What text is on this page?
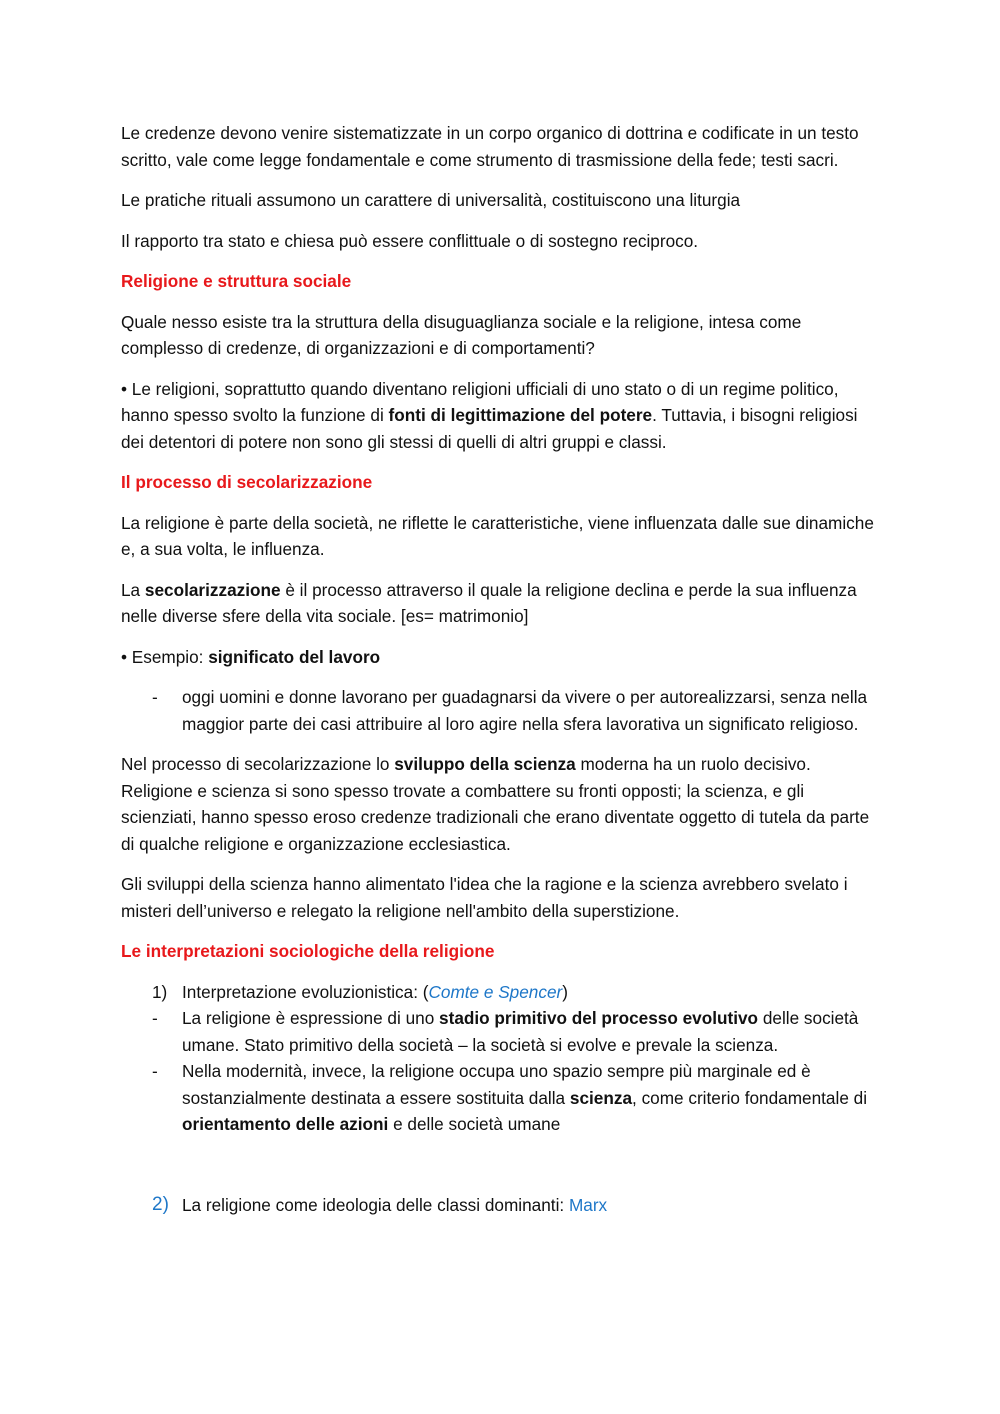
Le credenze devono venire sistematizzate in un corpo organico di dottrina e codificate in un testo scritto, vale come legge fondamentale e come strumento di trasmissione della fede; testi sacri.

Le pratiche rituali assumono un carattere di universalità, costituiscono una liturgia

Il rapporto tra stato e chiesa può essere conflittuale o di sostegno reciproco.

Religione e struttura sociale

Quale nesso esiste tra la struttura della disuguaglianza sociale e la religione, intesa come complesso di credenze, di organizzazioni e di comportamenti?

• Le religioni, soprattutto quando diventano religioni ufficiali di uno stato o di un regime politico, hanno spesso svolto la funzione di fonti di legittimazione del potere. Tuttavia, i bisogni religiosi dei detentori di potere non sono gli stessi di quelli di altri gruppi e classi.

Il processo di secolarizzazione

La religione è parte della società, ne riflette le caratteristiche, viene influenzata dalle sue dinamiche e, a sua volta, le influenza.

La secolarizzazione è il processo attraverso il quale la religione declina e perde la sua influenza nelle diverse sfere della vita sociale. [es= matrimonio]

• Esempio: significato del lavoro

- oggi uomini e donne lavorano per guadagnarsi da vivere o per autorealizzarsi, senza nella maggior parte dei casi attribuire al loro agire nella sfera lavorativa un significato religioso.

Nel processo di secolarizzazione lo sviluppo della scienza moderna ha un ruolo decisivo. Religione e scienza si sono spesso trovate a combattere su fronti opposti; la scienza, e gli scienziati, hanno spesso eroso credenze tradizionali che erano diventate oggetto di tutela da parte di qualche religione e organizzazione ecclesiastica.

Gli sviluppi della scienza hanno alimentato l'idea che la ragione e la scienza avrebbero svelato i misteri dell’universo e relegato la religione nell'ambito della superstizione.

Le interpretazioni sociologiche della religione

1) Interpretazione evoluzionistica: (Comte e Spencer)

- La religione è espressione di uno stadio primitivo del processo evolutivo delle società umane. Stato primitivo della società – la società si evolve e prevale la scienza.

- Nella modernità, invece, la religione occupa uno spazio sempre più marginale ed è sostanzialmente destinata a essere sostituita dalla scienza, come criterio fondamentale di orientamento delle azioni e delle società umane

2) La religione come ideologia delle classi dominanti: Marx
